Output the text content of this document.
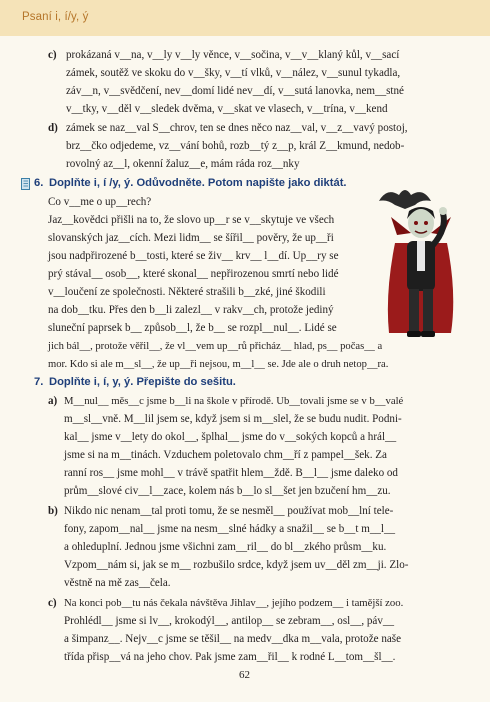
Psaní i, í/y, ý
c) prokázaná v__na, v__ly v__ly věnce, v__sočina, v__v__klaný kůl, v__sací
zámek, soutěž ve skoku do v__šky, v__tí vlků, v__nález, v__sunul tykadla,
záv__n, v__svědčení, nev__domí lidé nev__dí, v__sutá lanovka, nem__stné
v__tky, v__děl v__sledek dvěma, v__skat ve vlasech, v__trína, v__kend
d) zámek se naz__val S__chrov, ten se dnes něco naz__val, v__z__vavý postoj,
brz__čko odjedeme, vz__vání bohů, rozb__tý z__p, král Z__kmund, nedob-
rovolný az__l, okenní žaluz__e, mám ráda roz__nky
6. Doplňte i, í /y, ý. Odůvodněte. Potom napište jako diktát.
Co v__me o up__rech?
Jaz__kovědci přišli na to, že slovo up__r se v__skytuje ve všech
slovanských jaz__cích. Mezi lidm__ se šířil__ pověry, že up__ři
jsou nadpřirozené b__tosti, které se živ__ krv__ l__dí. Up__ry se
prý stával__ osob__, které skonal__ nepřirozenou smrtí nebo lidé
v__loučení ze společnosti. Některé strašili b__zké, jiné škodili
na dob__tku. Přes den b__li zalezl__ v rakv__ch, protože jediný
sluneční paprsek b__ způsob__l, že b__ se rozpl__nul__. Lidé se
jich bál__, protože věřil__, že vl__vem up__rů přicház__ hlad, ps__ počas__ a
mor. Kdo si ale m__sl__, že up__ři nejsou, m__l__ se. Jde ale o druh netop__ra.
7. Doplňte i, í, y, ý. Přepište do sešitu.
a) M__nul__ měs__c jsme b__li na škole v přírodě. Ub__tovali jsme se v b__valé
m__sl__vně. M__lil jsem se, když jsem si m__slel, že se budu nudit. Podni-
kal__ jsme v__lety do okol__, šplhal__ jsme do v__sokých kopců a hrál__
jsme si na m__tinách. Vzduchem poletovalo chm__ří z pampel__šek. Za
ranní ros__ jsme mohl__ v trávě spatřit hlem__ždě. B__l__ jsme daleko od
prům__slové civ__l__zace, kolem nás b__lo sl__šet jen bzučení hm__zu.
b) Nikdo nic nenam__tal proti tomu, že se nesměl__ používat mob__lní tele-
fony, zapom__nal__ jsme na nesm__slné hádky a snažil__ se b__t m__l__
a ohleduplní. Jednou jsme všichni zam__ril__ do bl__zkého průsm__ku.
Vzpom__nám si, jak se m__ rozbušilo srdce, když jsem uv__děl zm__ji. Zlo-
věstně na mě zas__čela.
c) Na konci pob__tu nás čekala návštěva Jihlav__, jejího podzem__ i tamější zoo.
Prohlédl__ jsme si lv__, krokodýl__, antilop__ se zebram__, osl__, páv__
a šimpanz__. Nejv__c jsme se těšil__ na medv__dka m__vala, protože naše
třída přisp__vá na jeho chov. Pak jsme zam__řil__ k rodné L__tom__šl__.
62
